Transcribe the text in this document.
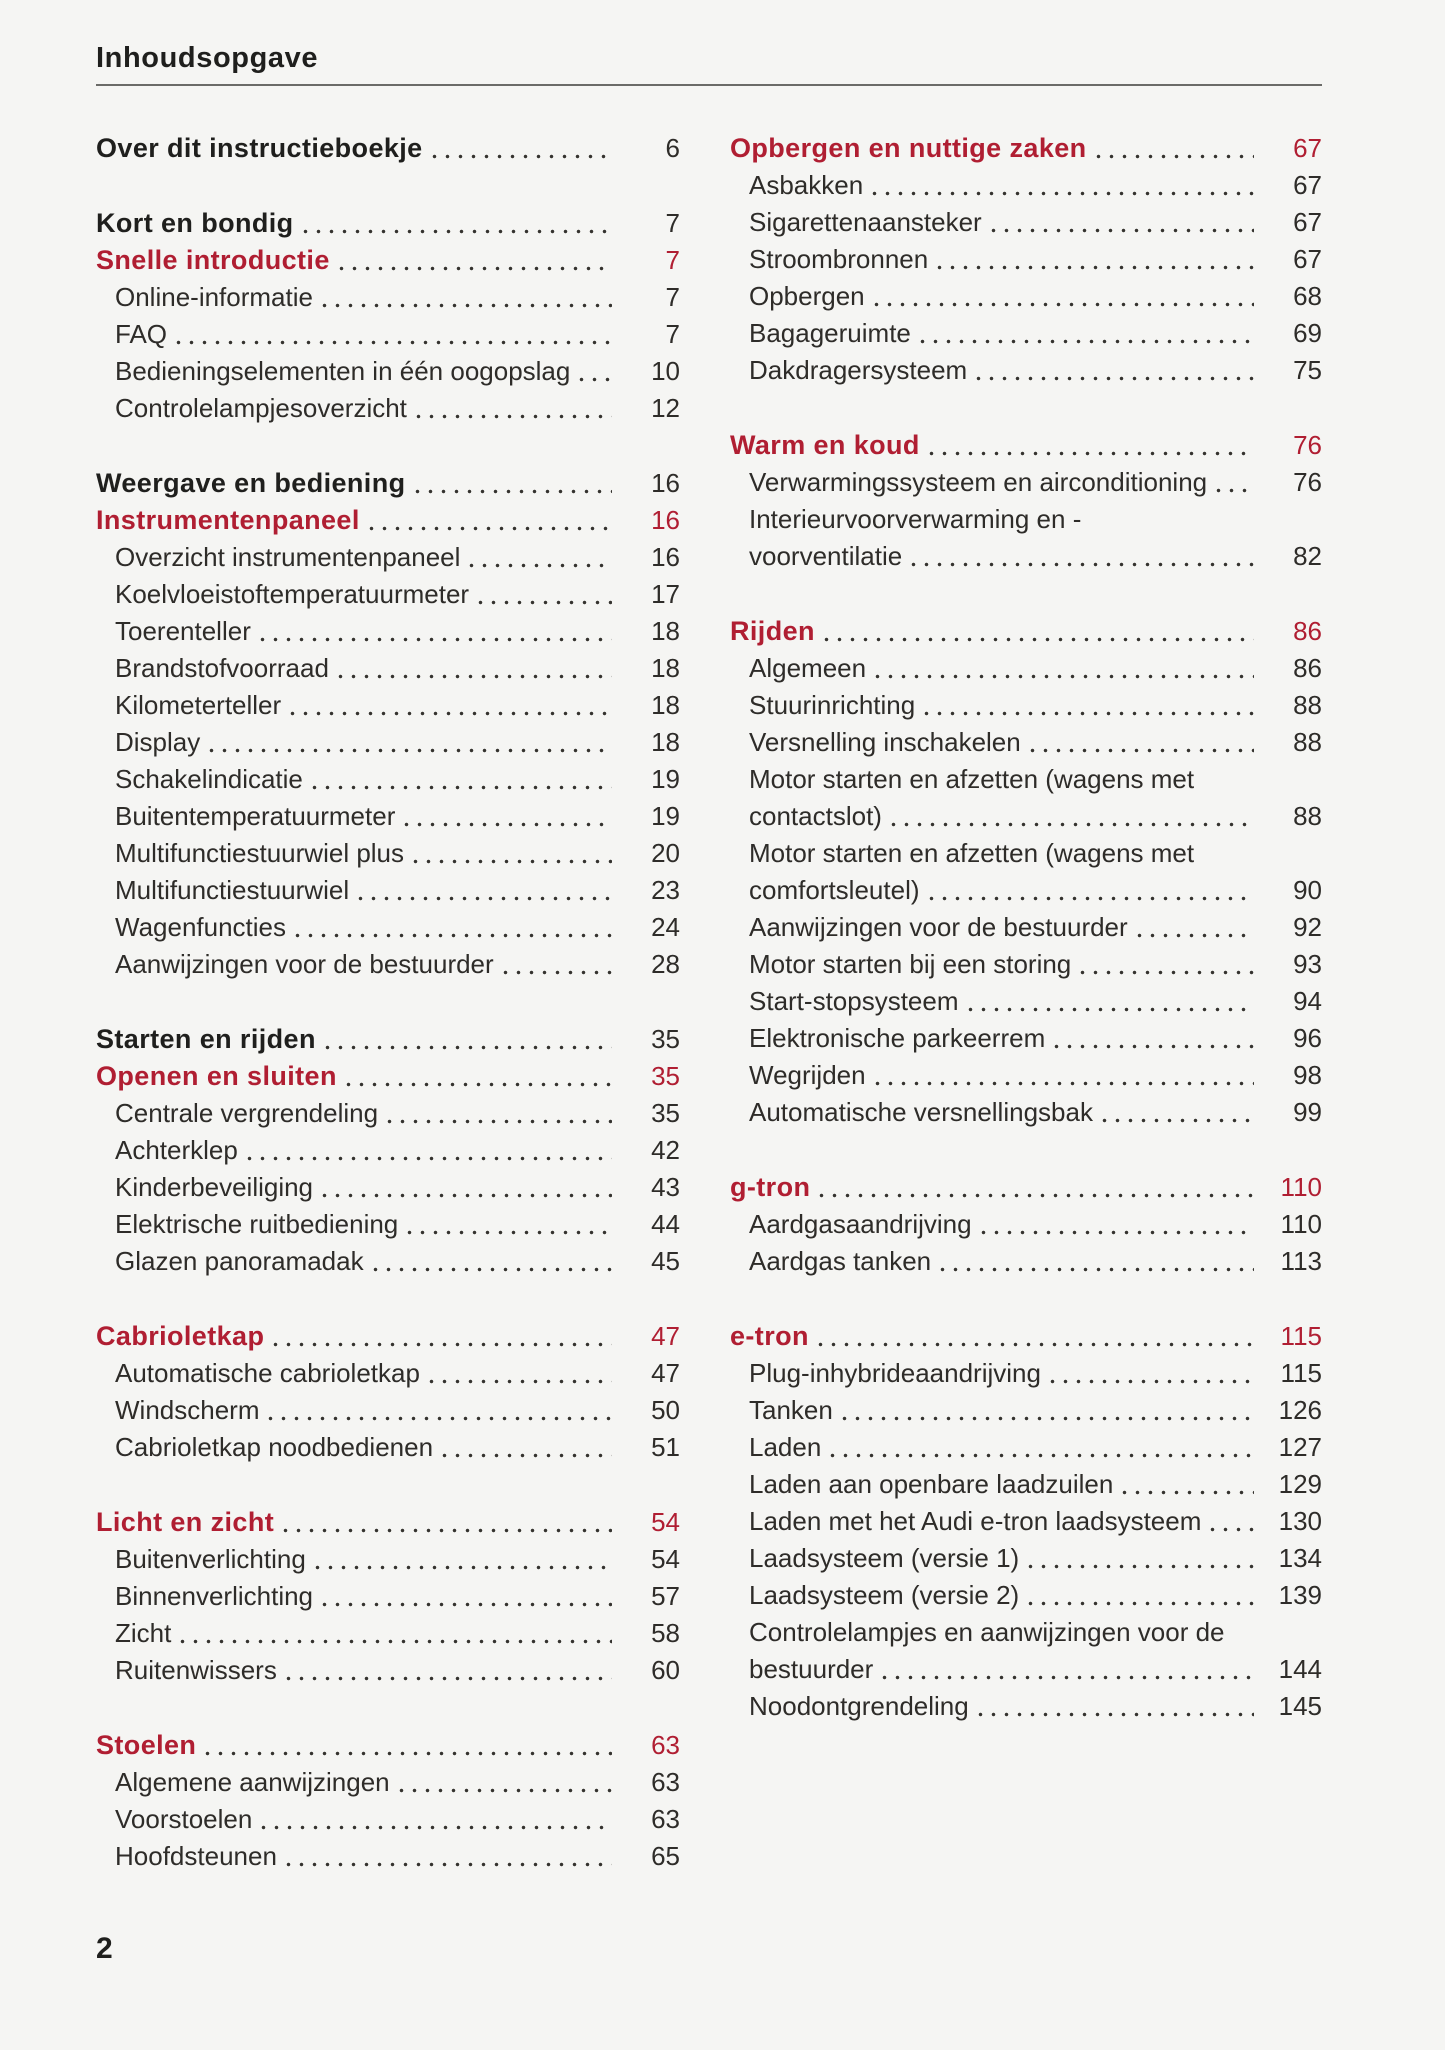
Inhoudsopgave
Over dit instructieboekje	6
Kort en bondig	7
Snelle introductie	7
Online-informatie	7
FAQ	7
Bedieningselementen in één oogopslag	10
Controlelampjesoverzicht	12
Weergave en bediening	16
Instrumentenpaneel	16
Overzicht instrumentenpaneel	16
Koelvloeistoftemperatuurmeter	17
Toerenteller	18
Brandstofvoorraad	18
Kilometerteller	18
Display	18
Schakelindicatie	19
Buitentemperatuurmeter	19
Multifunctiestuurwiel plus	20
Multifunctiestuurwiel	23
Wagenfuncties	24
Aanwijzingen voor de bestuurder	28
Starten en rijden	35
Openen en sluiten	35
Centrale vergrendeling	35
Achterklep	42
Kinderbeveiliging	43
Elektrische ruitbediening	44
Glazen panoramadak	45
Cabrioletkap	47
Automatische cabrioletkap	47
Windscherm	50
Cabrioletkap noodbedienen	51
Licht en zicht	54
Buitenverlichting	54
Binnenverlichting	57
Zicht	58
Ruitenwissers	60
Stoelen	63
Algemene aanwijzingen	63
Voorstoelen	63
Hoofdsteunen	65
Opbergen en nuttige zaken	67
Asbakken	67
Sigarettenaansteker	67
Stroombronnen	67
Opbergen	68
Bagageruimte	69
Dakdragersysteem	75
Warm en koud	76
Verwarmingssysteem en airconditioning	76
Interieurvoorverwarming en -
voorventilatie	82
Rijden	86
Algemeen	86
Stuurinrichting	88
Versnelling inschakelen	88
Motor starten en afzetten (wagens met
contactslot)	88
Motor starten en afzetten (wagens met
comfortsleutel)	90
Aanwijzingen voor de bestuurder	92
Motor starten bij een storing	93
Start-stopsysteem	94
Elektronische parkeerrem	96
Wegrijden	98
Automatische versnellingsbak	99
g-tron	110
Aardgasaandrijving	110
Aardgas tanken	113
e-tron	115
Plug-inhybrideaandrijving	115
Tanken	126
Laden	127
Laden aan openbare laadzuilen	129
Laden met het Audi e-tron laadsysteem	130
Laadsysteem (versie 1)	134
Laadsysteem (versie 2)	139
Controlelampjes en aanwijzingen voor de
bestuurder	144
Noodontgrendeling	145
2
